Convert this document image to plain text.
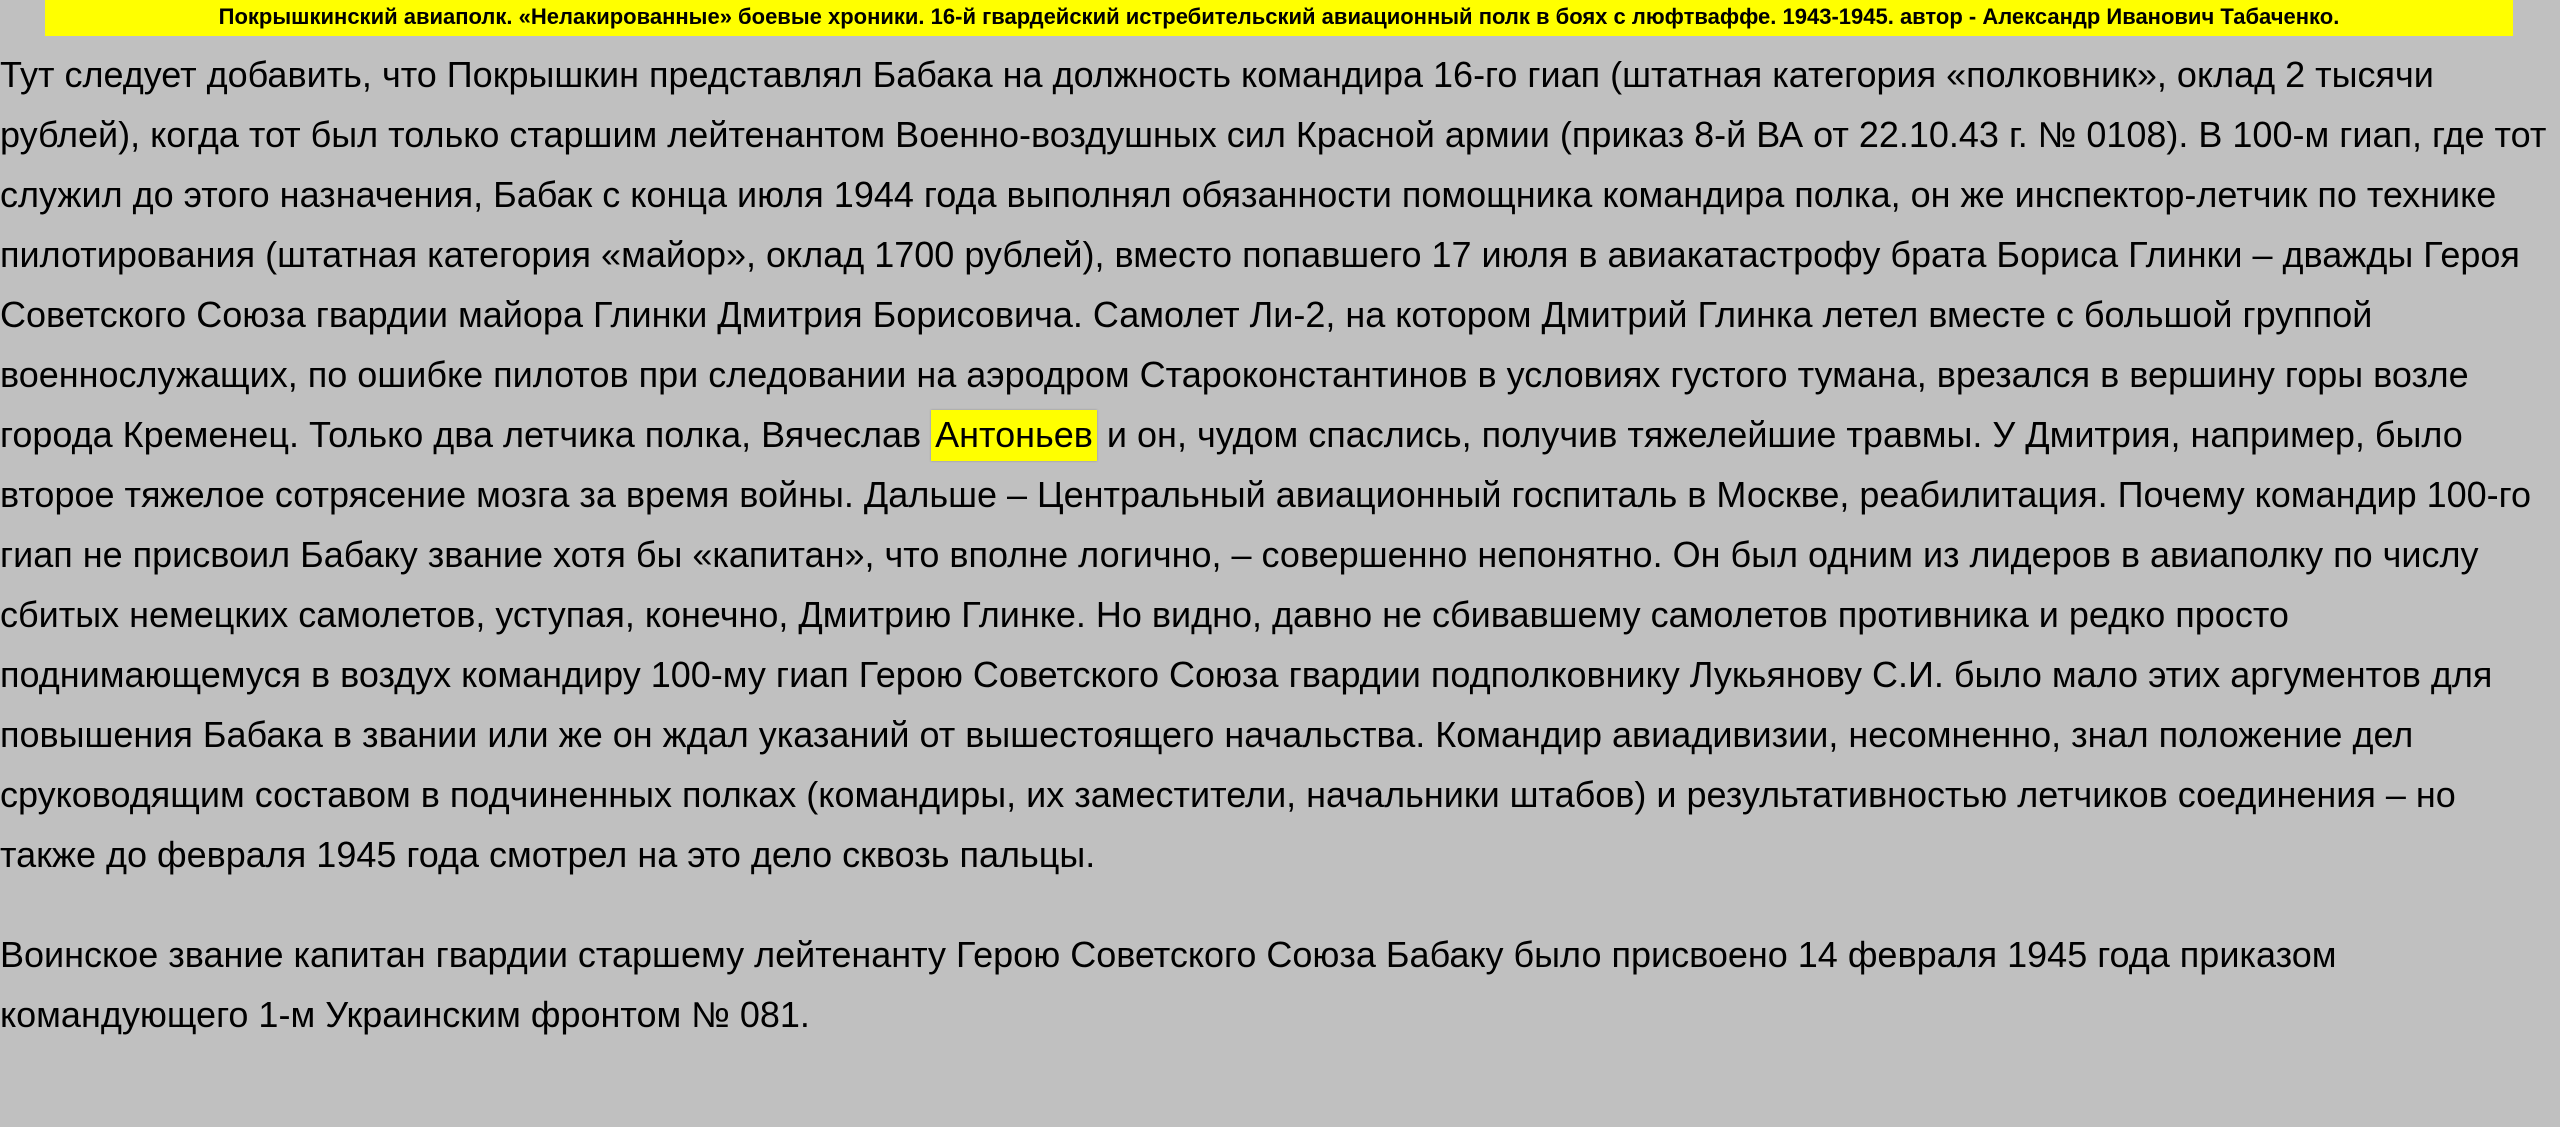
Покрышкинский авиаполк. «Нелакированные» боевые хроники. 16-й гвардейский истребительский авиационный полк в боях с люфтваффе. 1943-1945. автор - Александр Иванович Табаченко.

Тут следует добавить, что Покрышкин представлял Бабака на должность командира 16-го гиап (штатная категория «полковник», оклад 2 тысячи рублей), когда тот был только старшим лейтенантом Военно-воздушных сил Красной армии (приказ 8-й ВА от 22.10.43 г. № 0108). В 100-м гиап, где тот служил до этого назначения, Бабак с конца июля 1944 года выполнял обязанности помощника командира полка, он же инспектор-летчик по технике пилотирования (штатная категория «майор», оклад 1700 рублей), вместо попавшего 17 июля в авиакатастрофу брата Бориса Глинки – дважды Героя Советского Союза гвардии майора Глинки Дмитрия Борисовича. Самолет Ли-2, на котором Дмитрий Глинка летел вместе с большой группой военнослужащих, по ошибке пилотов при следовании на аэродром Староконстантинов в условиях густого тумана, врезался в вершину горы возле города Кременец. Только два летчика полка, Вячеслав Антоньев и он, чудом спаслись, получив тяжелейшие травмы. У Дмитрия, например, было второе тяжелое сотрясение мозга за время войны. Дальше – Центральный авиационный госпиталь в Москве, реабилитация. Почему командир 100-го гиап не присвоил Бабаку звание хотя бы «капитан», что вполне логично, – совершенно непонятно. Он был одним из лидеров в авиаполку по числу сбитых немецких самолетов, уступая, конечно, Дмитрию Глинке. Но видно, давно не сбивавшему самолетов противника и редко просто поднимающемуся в воздух командиру 100-му гиап Герою Советского Союза гвардии подполковнику Лукьянову С.И. было мало этих аргументов для повышения Бабака в звании или же он ждал указаний от вышестоящего начальства. Командир авиадивизии, несомненно, знал положение дел сруководящим составом в подчиненных полках (командиры, их заместители, начальники штабов) и результативностью летчиков соединения – но также до февраля 1945 года смотрел на это дело сквозь пальцы.

Воинское звание капитан гвардии старшему лейтенанту Герою Советского Союза Бабаку было присвоено 14 февраля 1945 года приказом командующего 1-м Украинским фронтом № 081.
